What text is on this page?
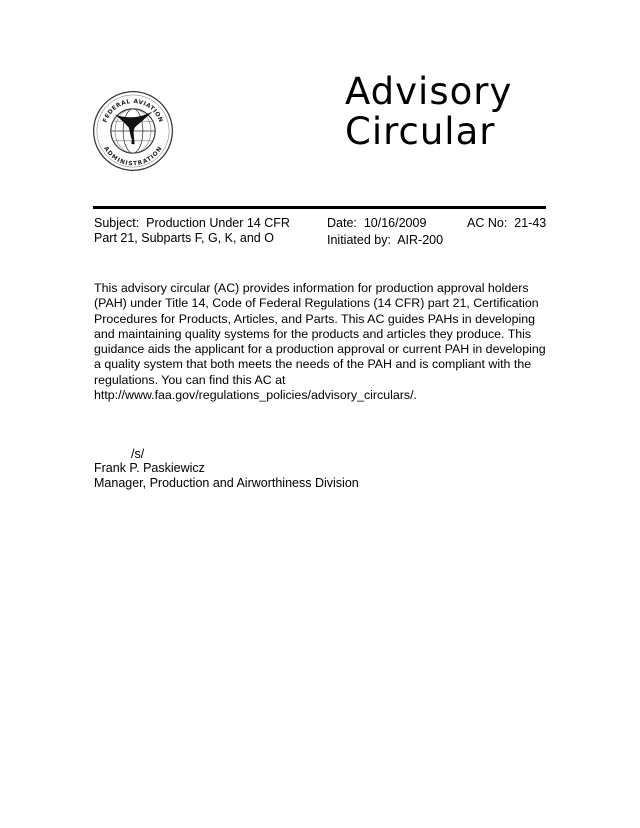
FEDERAL AVIATION
ADMINISTRATION
Advisory
Circular
Subject: Production Under 14 CFR Part 21, Subparts F, G, K, and O
Date: 10/16/2009
Initiated by: AIR-200
AC No: 21-43

This advisory circular (AC) provides information for production approval holders (PAH) under Title 14, Code of Federal Regulations (14 CFR) part 21, Certification Procedures for Products, Articles, and Parts. This AC guides PAHs in developing and maintaining quality systems for the products and articles they produce. This guidance aids the applicant for a production approval or current PAH in developing a quality system that both meets the needs of the PAH and is compliant with the regulations. You can find this AC at http://www.faa.gov/regulations_policies/advisory_circulars/.

/s/
Frank P. Paskiewicz
Manager, Production and Airworthiness Division
